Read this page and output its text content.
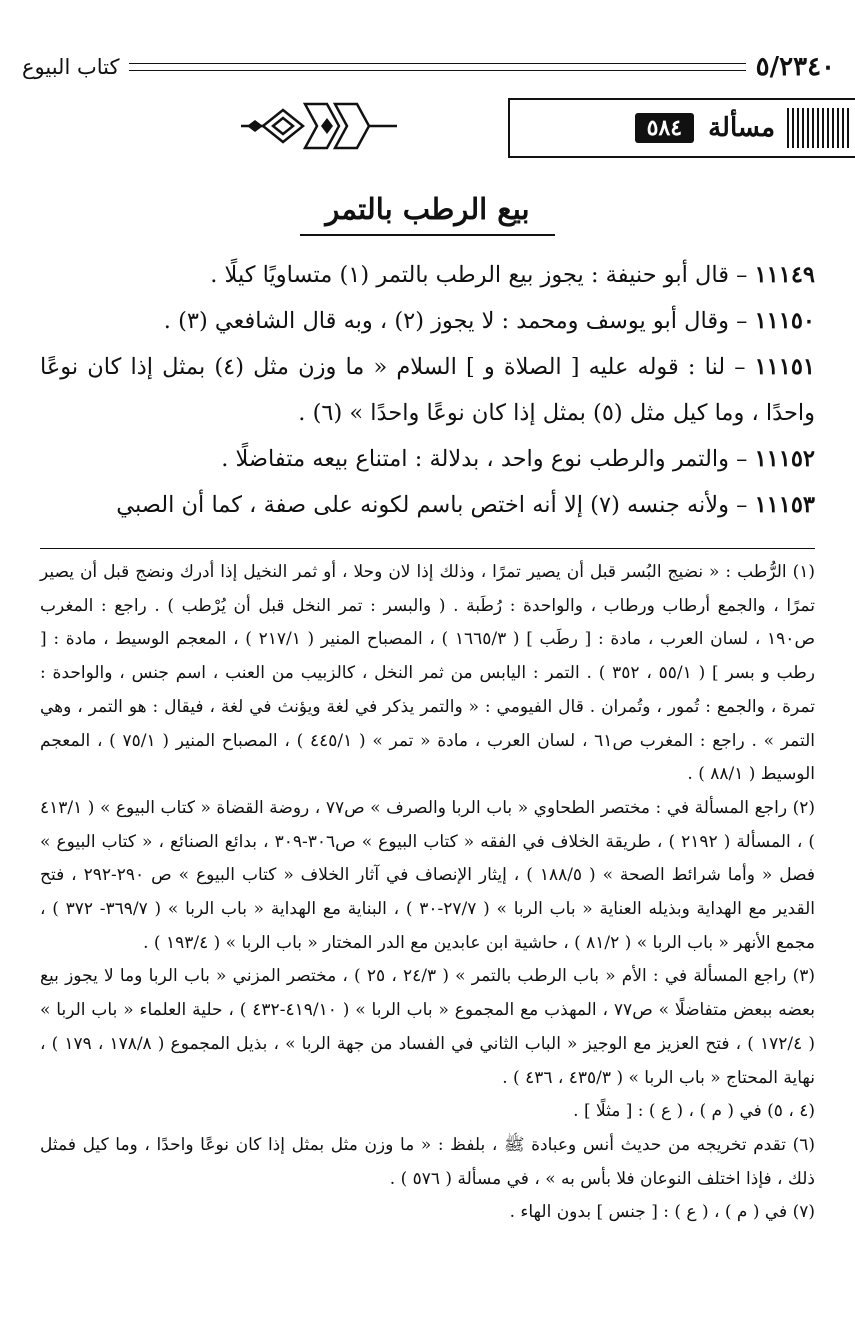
٥/٢٣٤٠
كتاب البيوع
مسألة
٥٨٤
بيع الرطب بالتمر

١١١٤٩ – قال أبو حنيفة : يجوز بيع الرطب بالتمر (١) متساويًا كيلًا .

١١١٥٠ – وقال أبو يوسف ومحمد : لا يجوز (٢) ، وبه قال الشافعي (٣) .

١١١٥١ – لنا : قوله عليه [ الصلاة و ] السلام « ما وزن مثل (٤) بمثل إذا كان نوعًا واحدًا ، وما كيل مثل (٥) بمثل إذا كان نوعًا واحدًا » (٦) .

١١١٥٢ – والتمر والرطب نوع واحد ، بدلالة : امتناع بيعه متفاضلًا .

١١١٥٣ – ولأنه جنسه (٧) إلا أنه اختص باسم لكونه على صفة ، كما أن الصبي

(١) الرُّطب : « نضيج البُسر قبل أن يصير تمرًا ، وذلك إذا لان وحلا ، أو ثمر النخيل إذا أدرك ونضج قبل أن يصير تمرًا ، والجمع أرطاب ورطاب ، والواحدة : رُطَبة . ( والبسر : تمر النخل قبل أن يُرْطب ) . راجع : المغرب ص١٩٠ ، لسان العرب ، مادة : [ رطَب ] ( ١٦٦٥/٣ ) ، المصباح المنير ( ٢١٧/١ ) ، المعجم الوسيط ، مادة : [ رطب و بسر ] ( ٥٥/١ ، ٣٥٢ ) . التمر : اليابس من ثمر النخل ، كالزبيب من العنب ، اسم جنس ، والواحدة : تمرة ، والجمع : تُمور ، وتُمران . قال الفيومي : « والتمر يذكر في لغة ويؤنث في لغة ، فيقال : هو التمر ، وهي التمر » . راجع : المغرب ص٦١ ، لسان العرب ، مادة « تمر » ( ٤٤٥/١ ) ، المصباح المنير ( ٧٥/١ ) ، المعجم الوسيط ( ٨٨/١ ) .

(٢) راجع المسألة في : مختصر الطحاوي « باب الربا والصرف » ص٧٧ ، روضة القضاة « كتاب البيوع » ( ٤١٣/١ ) ، المسألة ( ٢١٩٢ ) ، طريقة الخلاف في الفقه « كتاب البيوع » ص٣٠٦-٣٠٩ ، بدائع الصنائع ، « كتاب البيوع » فصل « وأما شرائط الصحة » ( ١٨٨/٥ ) ، إيثار الإنصاف في آثار الخلاف « كتاب البيوع » ص ٢٩٠-٢٩٢ ، فتح القدير مع الهداية وبذيله العناية « باب الربا » ( ٢٧/٧-٣٠ ) ، البناية مع الهداية « باب الربا » ( ٣٦٩/٧- ٣٧٢ ) ، مجمع الأنهر « باب الربا » ( ٨١/٢ ) ، حاشية ابن عابدين مع الدر المختار « باب الربا » ( ١٩٣/٤ ) .

(٣) راجع المسألة في : الأم « باب الرطب بالتمر » ( ٢٤/٣ ، ٢٥ ) ، مختصر المزني « باب الربا وما لا يجوز بيع بعضه ببعض متفاضلًا » ص٧٧ ، المهذب مع المجموع « باب الربا » ( ٤١٩/١٠-٤٣٢ ) ، حلية العلماء « باب الربا » ( ١٧٢/٤ ) ، فتح العزيز مع الوجيز « الباب الثاني في الفساد من جهة الربا » ، بذيل المجموع ( ١٧٨/٨ ، ١٧٩ ) ، نهاية المحتاج « باب الربا » ( ٤٣٥/٣ ، ٤٣٦ ) .

(٤ ، ٥) في ( م ) ، ( ع ) : [ مثلًا ] .

(٦) تقدم تخريجه من حديث أنس وعبادة ﷺ ، بلفظ : « ما وزن مثل بمثل إذا كان نوعًا واحدًا ، وما كيل فمثل ذلك ، فإذا اختلف النوعان فلا بأس به » ، في مسألة ( ٥٧٦ ) .

(٧) في ( م ) ، ( ع ) : [ جنس ] بدون الهاء .
